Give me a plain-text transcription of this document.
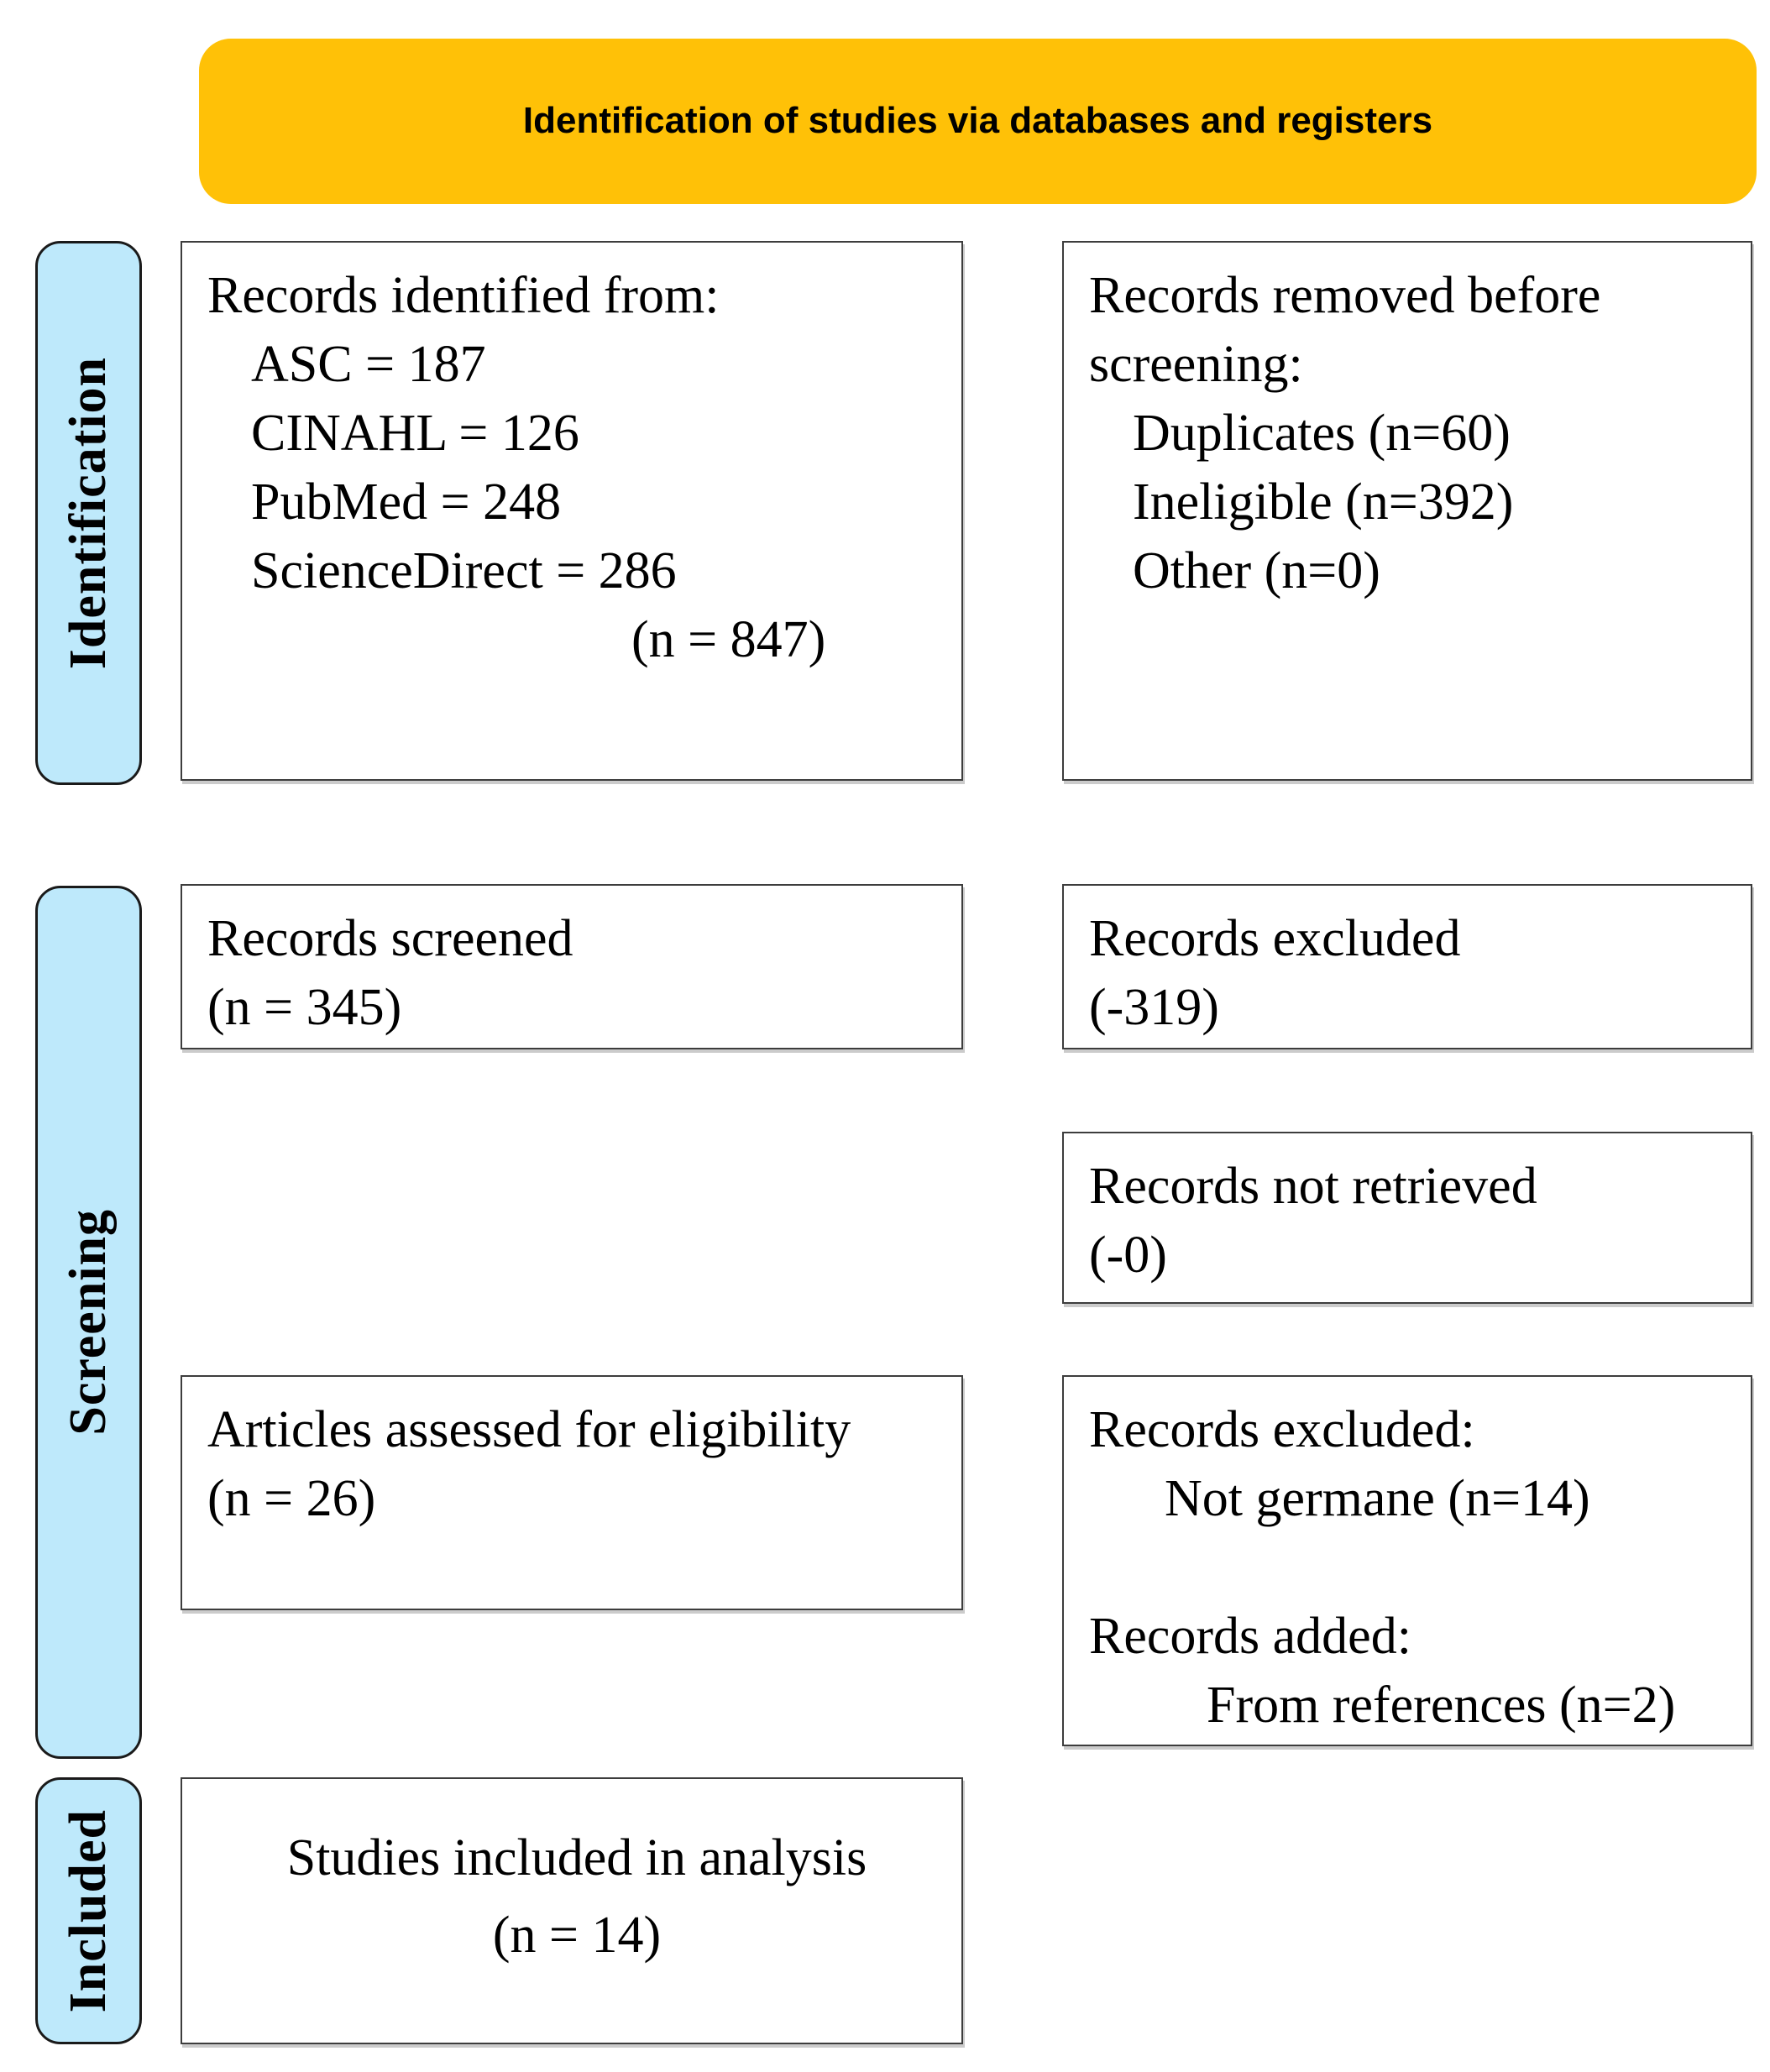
Identification of studies via databases and registers
Identification
Screening
Included
Records identified from:
ASC = 187
CINAHL = 126
PubMed = 248
ScienceDirect = 286
(n = 847)
Records removed before screening:
Duplicates (n=60)
Ineligible (n=392)
Other (n=0)
Records screened
(n = 345)
Records excluded
(-319)
Records not retrieved
(-0)
Articles assessed for eligibility
(n = 26)
Records excluded:
Not germane (n=14)
Records added:
From references (n=2)
Studies included in analysis
(n = 14)
